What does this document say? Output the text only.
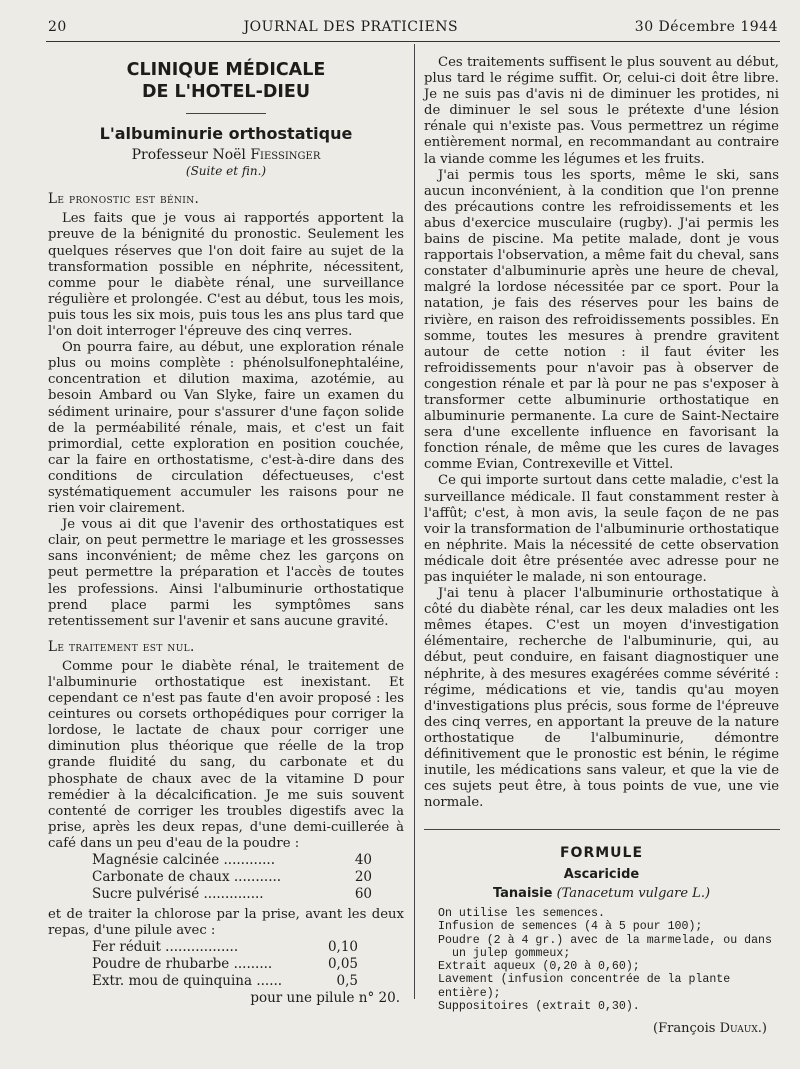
20	JOURNAL DES PRATICIENS	30 Décembre 1944
CLINIQUE MÉDICALE
DE L'HOTEL-DIEU
L'albuminurie orthostatique
Professeur Noël Fiessinger
(Suite et fin.)
Le pronostic est bénin.

Les faits que je vous ai rapportés apportent la preuve de la bénignité du pronostic. Seulement les quelques réserves que l'on doit faire au sujet de la transformation possible en néphrite, nécessitent, comme pour le diabète rénal, une surveillance régulière et prolongée. C'est au début, tous les mois, puis tous les six mois, puis tous les ans plus tard que l'on doit interroger l'épreuve des cinq verres.

On pourra faire, au début, une exploration rénale plus ou moins complète : phénolsulfonephtaléine, concentration et dilution maxima, azotémie, au besoin Ambard ou Van Slyke, faire un examen du sédiment urinaire, pour s'assurer d'une façon solide de la perméabilité rénale, mais, et c'est un fait primordial, cette exploration en position couchée, car la faire en orthostatisme, c'est-à-dire dans des conditions de circulation défectueuses, c'est systématiquement accumuler les raisons pour ne rien voir clairement.

Je vous ai dit que l'avenir des orthostatiques est clair, on peut permettre le mariage et les grossesses sans inconvénient; de même chez les garçons on peut permettre la préparation et l'accès de toutes les professions. Ainsi l'albuminurie orthostatique prend place parmi les symptômes sans retentissement sur l'avenir et sans aucune gravité.

Le traitement est nul.

Comme pour le diabète rénal, le traitement de l'albuminurie orthostatique est inexistant. Et cependant ce n'est pas faute d'en avoir proposé : les ceintures ou corsets orthopédiques pour corriger la lordose, le lactate de chaux pour corriger une diminution plus théorique que réelle de la trop grande fluidité du sang, du carbonate et du phosphate de chaux avec de la vitamine D pour remédier à la décalcification. Je me suis souvent contenté de corriger les troubles digestifs avec la prise, après les deux repas, d'une demi-cuillerée à café dans un peu d'eau de la poudre :

Magnésie calcinée ............	40
Carbonate de chaux ...........	20
Sucre pulvérisé ..............	60

et de traiter la chlorose par la prise, avant les deux repas, d'une pilule avec :

Fer réduit .................	0,10
Poudre de rhubarbe .........	0,05
Extr. mou de quinquina ......	0,5
pour une pilule n° 20.

Ces traitements suffisent le plus souvent au début, plus tard le régime suffit. Or, celui-ci doit être libre. Je ne suis pas d'avis ni de diminuer les protides, ni de diminuer le sel sous le prétexte d'une lésion rénale qui n'existe pas. Vous permettrez un régime entièrement normal, en recommandant au contraire la viande comme les légumes et les fruits.

J'ai permis tous les sports, même le ski, sans aucun inconvénient, à la condition que l'on prenne des précautions contre les refroidissements et les abus d'exercice musculaire (rugby). J'ai permis les bains de piscine. Ma petite malade, dont je vous rapportais l'observation, a même fait du cheval, sans constater d'albuminurie après une heure de cheval, malgré la lordose nécessitée par ce sport. Pour la natation, je fais des réserves pour les bains de rivière, en raison des refroidissements possibles. En somme, toutes les mesures à prendre gravitent autour de cette notion : il faut éviter les refroidissements pour n'avoir pas à observer de congestion rénale et par là pour ne pas s'exposer à transformer cette albuminurie orthostatique en albuminurie permanente. La cure de Saint-Nectaire sera d'une excellente influence en favorisant la fonction rénale, de même que les cures de lavages comme Evian, Contrexeville et Vittel.

Ce qui importe surtout dans cette maladie, c'est la surveillance médicale. Il faut constamment rester à l'affût; c'est, à mon avis, la seule façon de ne pas voir la transformation de l'albuminurie orthostatique en néphrite. Mais la nécessité de cette observation médicale doit être présentée avec adresse pour ne pas inquiéter le malade, ni son entourage.

J'ai tenu à placer l'albuminurie orthostatique à côté du diabète rénal, car les deux maladies ont les mêmes étapes. C'est un moyen d'investigation élémentaire, recherche de l'albuminurie, qui, au début, peut conduire, en faisant diagnostiquer une néphrite, à des mesures exagérées comme sévérité : régime, médications et vie, tandis qu'au moyen d'investigations plus précis, sous forme de l'épreuve des cinq verres, en apportant la preuve de la nature orthostatique de l'albuminurie, démontre définitivement que le pronostic est bénin, le régime inutile, les médications sans valeur, et que la vie de ces sujets peut être, à tous points de vue, une vie normale.

FORMULE
Ascaricide
Tanaisie (Tanacetum vulgare L.)
On utilise les semences.
Infusion de semences (4 à 5 pour 100);
Poudre (2 à 4 gr.) avec de la marmelade, ou dans
un julep gommeux;
Extrait aqueux (0,20 à 0,60);
Lavement (infusion concentrée de la plante entière);
Suppositoires (extrait 0,30).
(François Duaux.)
